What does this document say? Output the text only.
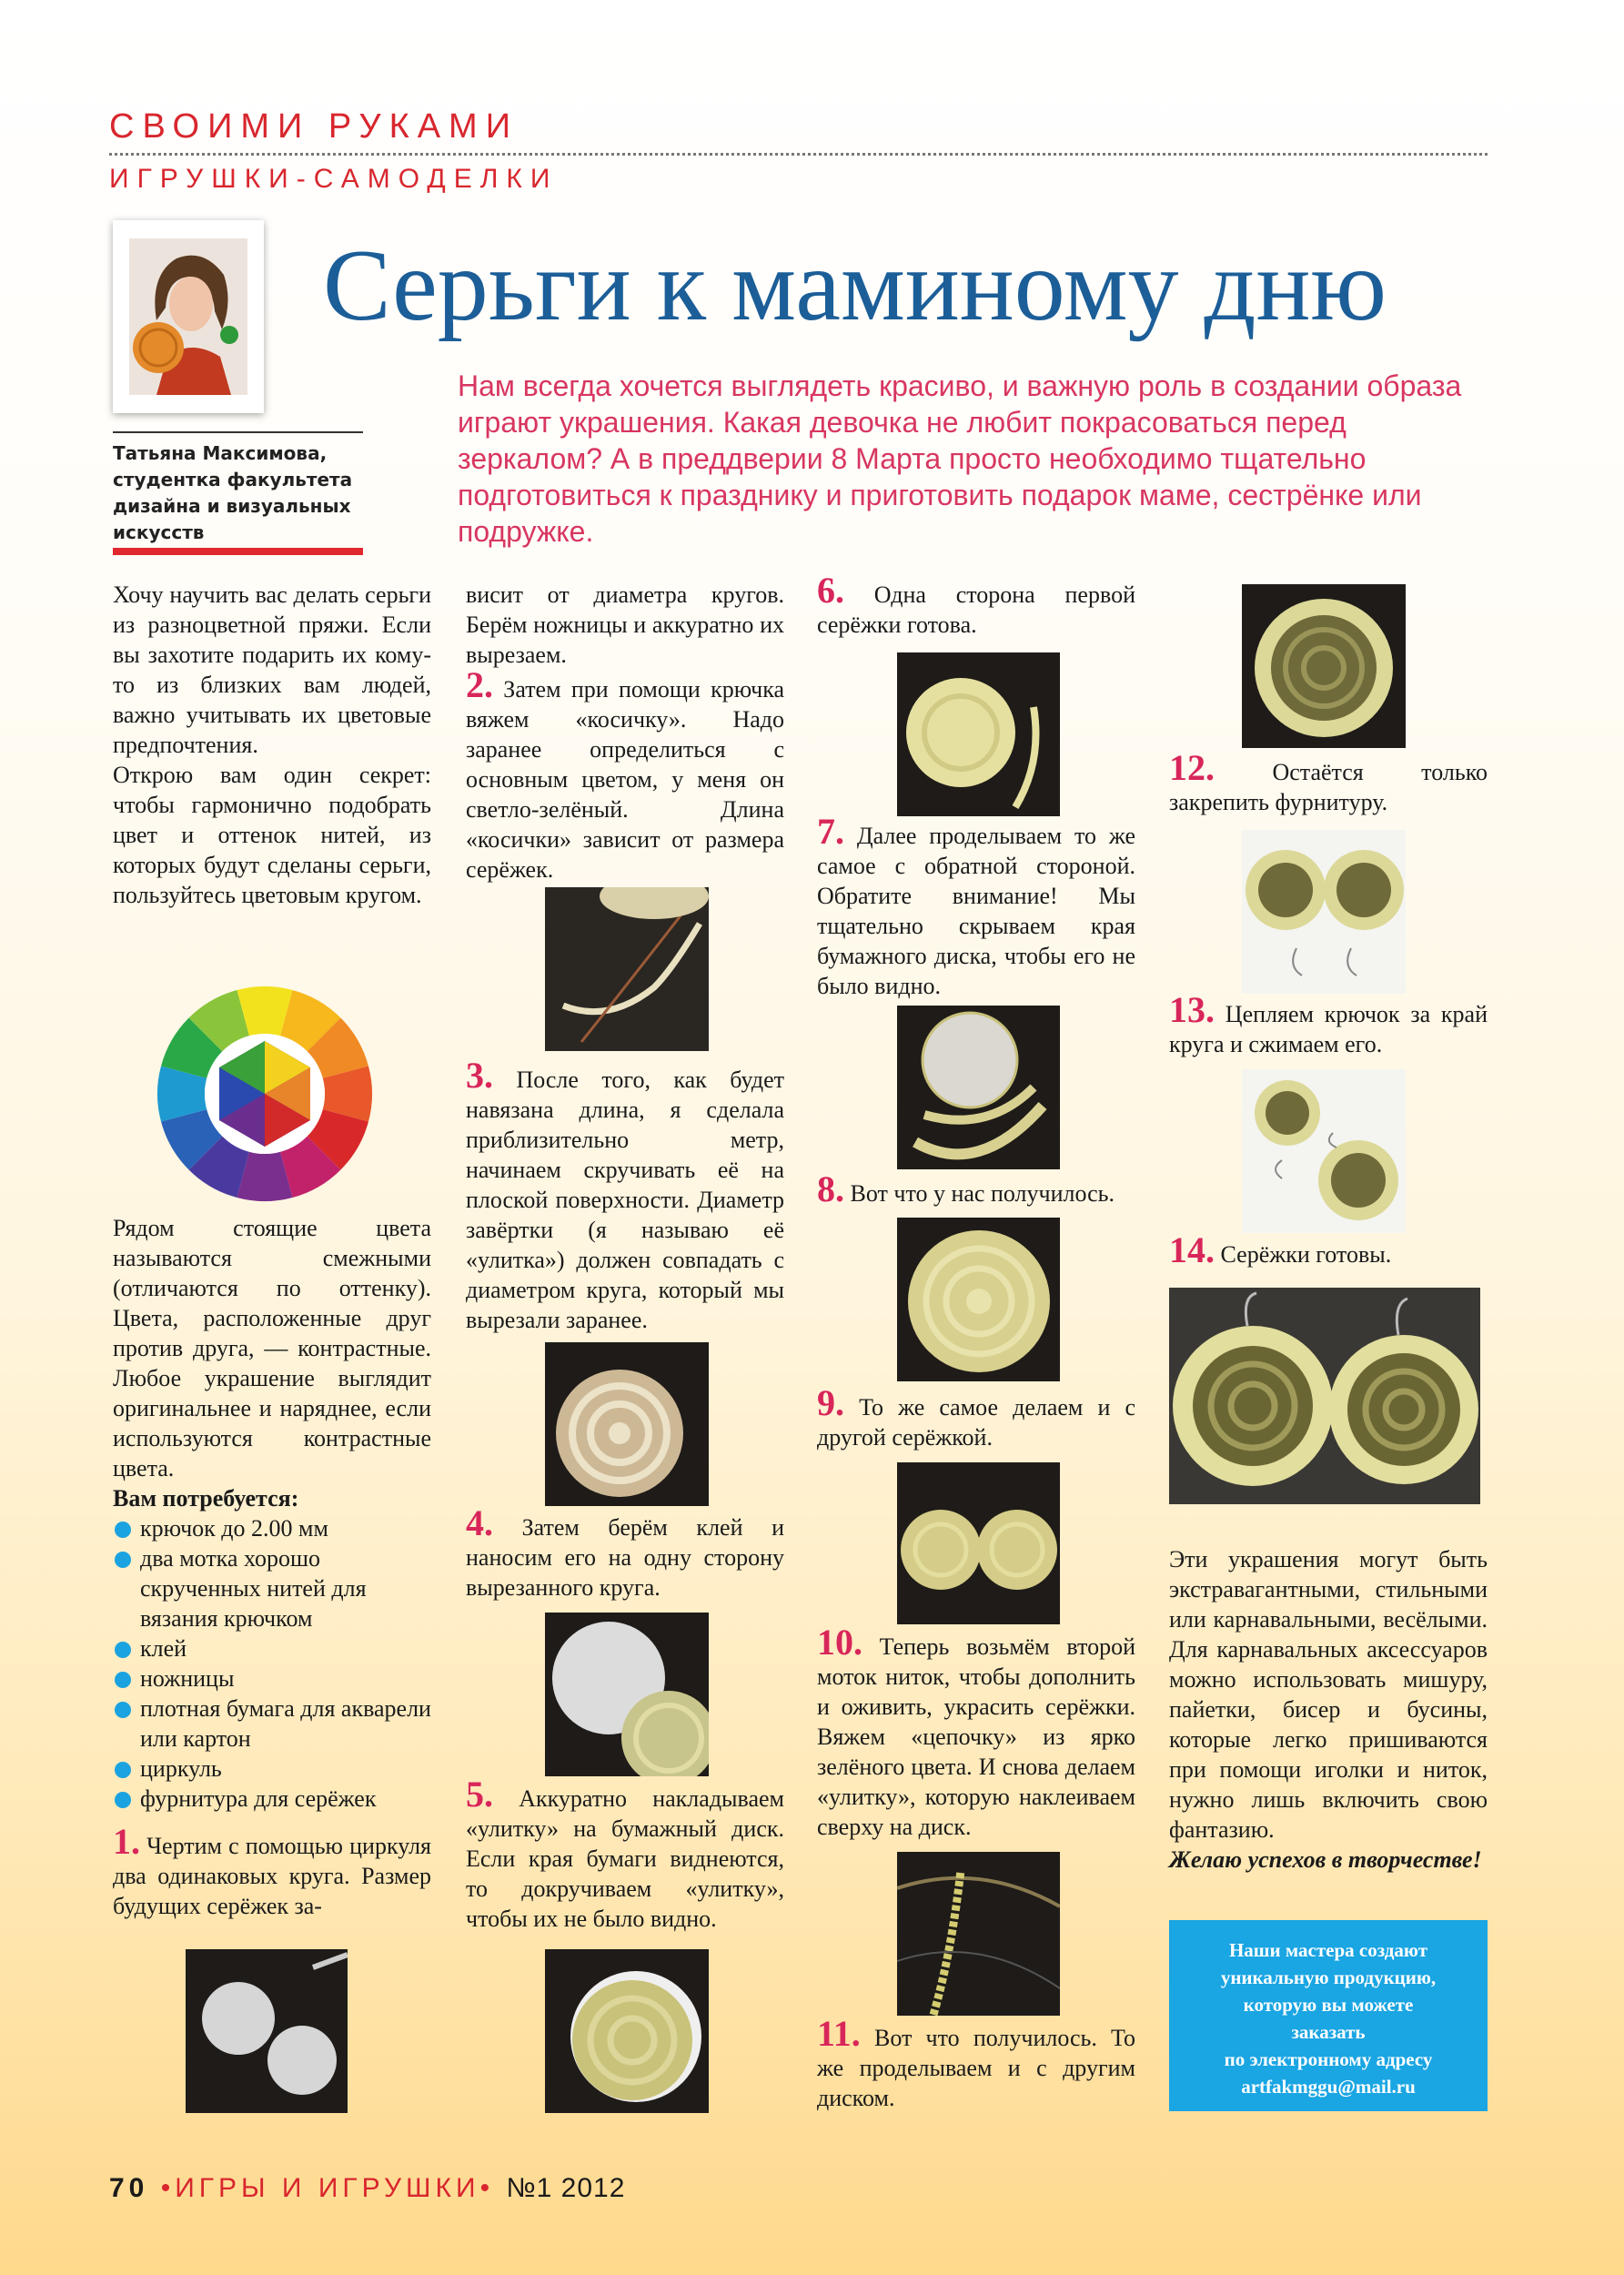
СВОИМИ РУКАМИ
ИГРУШКИ-САМОДЕЛКИ
Татьяна Максимова, студентка факультета дизайна и визуальных искусств
Серьги к маминому дню
Нам всегда хочется выглядеть красиво, и важную роль в создании образа играют украшения. Какая девочка не любит покрасоваться перед зеркалом? А в преддверии 8 Марта просто необходимо тщательно подготовиться к празднику и приготовить подарок маме, сестрёнке или подружке.

Хочу научить вас делать серьги из разноцветной пряжи. Если вы захотите подарить их кому-то из близких вам людей, важно учитывать их цветовые предпочтения.

Открою вам один секрет: чтобы гармонично подобрать цвет и оттенок нитей, из которых будут сделаны серьги, пользуйтесь цветовым кругом.

Рядом стоящие цвета называются смежными (отличаются по оттенку). Цвета, расположенные друг против друга, — контрастные. Любое украшение выглядит оригинальнее и наряднее, если используются контрастные цвета.

Вам потребуется:

крючок до 2.00 мм
два мотка хорошо скрученных нитей для вязания крючком
клей
ножницы
плотная бумага для акварели или картон
циркуль
фурнитура для серёжек

1. Чертим с помощью циркуля два одинаковых круга. Размер будущих серёжек за-

висит от диаметра кругов. Берём ножницы и аккуратно их вырезаем.

2. Затем при помощи крючка вяжем «косичку». Надо заранее определиться с основным цветом, у меня он светло-зелёный. Длина «косички» зависит от размера серёжек.

3. После того, как будет навязана длина, я сделала приблизительно метр, начинаем скручивать её на плоской поверхности. Диаметр завёртки (я называю её «улитка») должен совпадать с диаметром круга, который мы вырезали заранее.

4. Затем берём клей и наносим его на одну сторону вырезанного круга.

5. Аккуратно накладываем «улитку» на бумажный диск. Если края бумаги виднеются, то докручиваем «улитку», чтобы их не было видно.

6. Одна сторона первой серёжки готова.

7. Далее проделываем то же самое с обратной стороной. Обратите внимание! Мы тщательно скрываем края бумажного диска, чтобы его не было видно.

8. Вот что у нас получилось.

9. То же самое делаем и с другой серёжкой.

10. Теперь возьмём второй моток ниток, чтобы дополнить и оживить, украсить серёжки. Вяжем «цепочку» из ярко зелёного цвета. И снова делаем «улитку», которую наклеиваем сверху на диск.

11. Вот что получилось. То же проделываем и с другим диском.

12. Остаётся только закрепить фурнитуру.

13. Цепляем крючок за край круга и сжимаем его.

14. Серёжки готовы.

Эти украшения могут быть экстравагантными, стильными или карнавальными, весёлыми. Для карнавальных аксессуаров можно использовать мишуру, пайетки, бисер и бусины, которые легко пришиваются при помощи иголки и ниток, нужно лишь включить свою фантазию.

Желаю успехов в творчестве!

Наши мастера создают
уникальную продукцию,
которую вы можете
заказать
по электронному адресу
artfakmggu@mail.ru
70 •ИГРЫ И ИГРУШКИ• №1 2012
